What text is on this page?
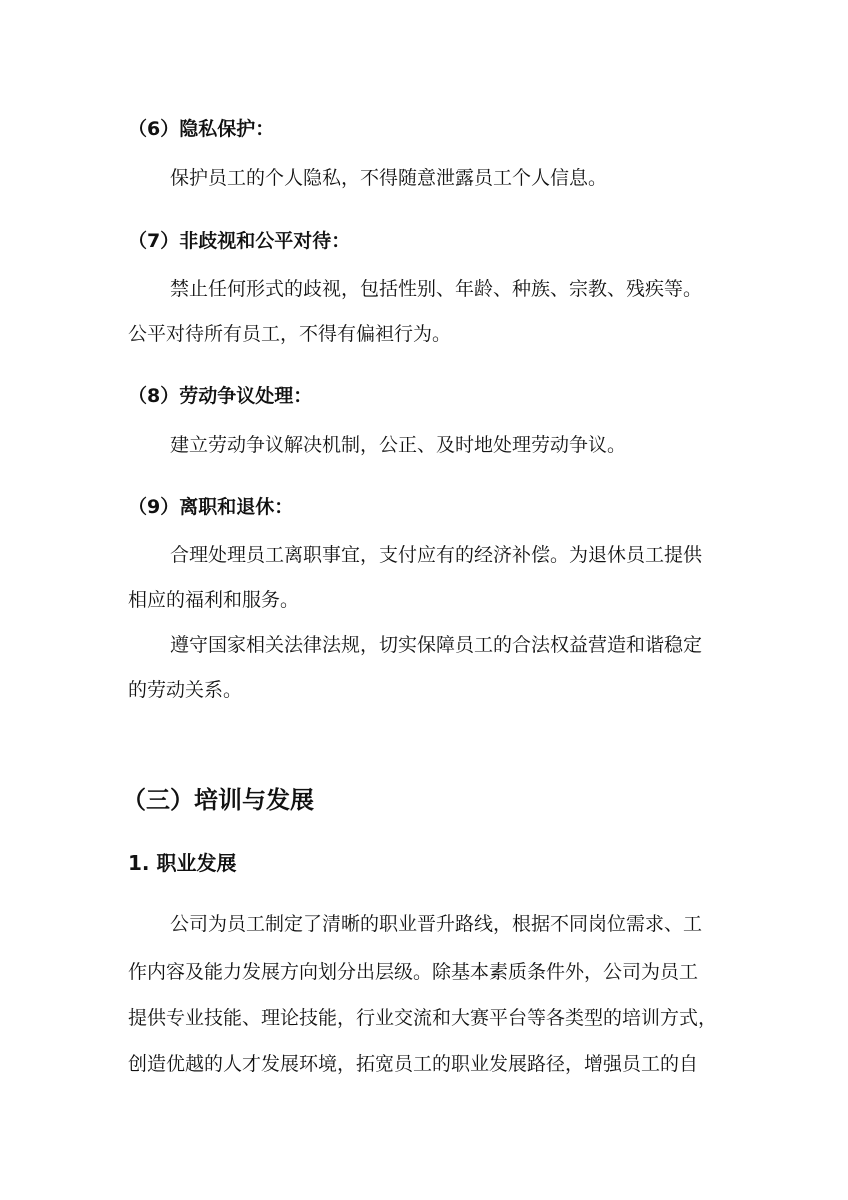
（6）隐私保护：
保护员工的个人隐私，不得随意泄露员工个人信息。
（7）非歧视和公平对待：
禁止任何形式的歧视，包括性别、年龄、种族、宗教、残疾等。
公平对待所有员工，不得有偏袒行为。
（8）劳动争议处理：
建立劳动争议解决机制，公正、及时地处理劳动争议。
（9）离职和退休：
合理处理员工离职事宜，支付应有的经济补偿。为退休员工提供
相应的福利和服务。
遵守国家相关法律法规，切实保障员工的合法权益营造和谐稳定
的劳动关系。
（三）培训与发展
1. 职业发展
公司为员工制定了清晰的职业晋升路线，根据不同岗位需求、工
作内容及能力发展方向划分出层级。除基本素质条件外，公司为员工
提供专业技能、理论技能，行业交流和大赛平台等各类型的培训方式，
创造优越的人才发展环境，拓宽员工的职业发展路径，增强员工的自
